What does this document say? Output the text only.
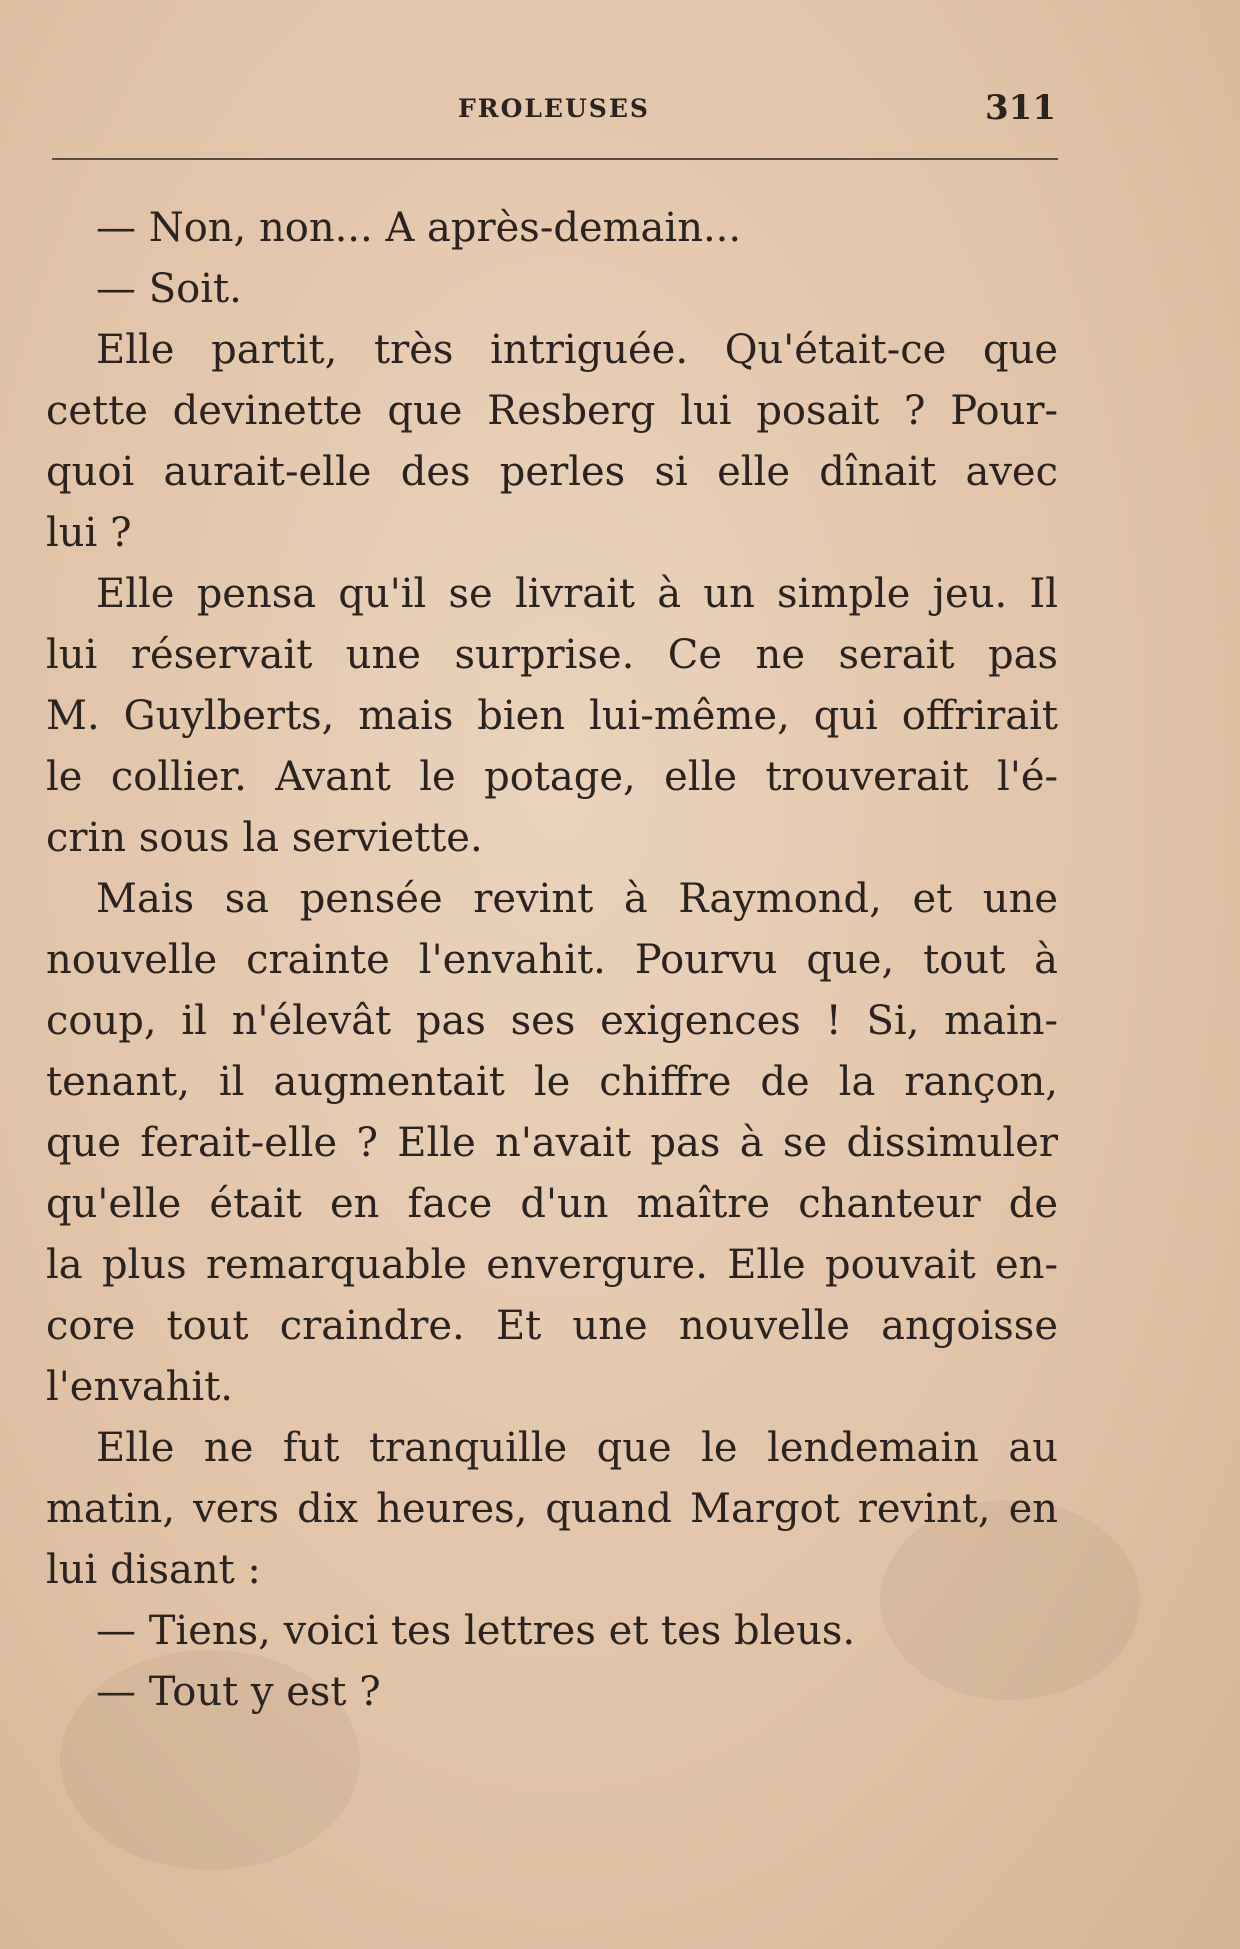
FROLEUSES	311
— Non, non... A après-demain...
— Soit.
Elle partit, très intriguée. Qu'était-ce que
cette devinette que Resberg lui posait ? Pour-
quoi aurait-elle des perles si elle dînait avec
lui ?
Elle pensa qu'il se livrait à un simple jeu. Il
lui réservait une surprise. Ce ne serait pas
M. Guylberts, mais bien lui-même, qui offrirait
le collier. Avant le potage, elle trouverait l'é-
crin sous la serviette.
Mais sa pensée revint à Raymond, et une
nouvelle crainte l'envahit. Pourvu que, tout à
coup, il n'élevât pas ses exigences ! Si, main-
tenant, il augmentait le chiffre de la rançon,
que ferait-elle ? Elle n'avait pas à se dissimuler
qu'elle était en face d'un maître chanteur de
la plus remarquable envergure. Elle pouvait en-
core tout craindre. Et une nouvelle angoisse
l'envahit.
Elle ne fut tranquille que le lendemain au
matin, vers dix heures, quand Margot revint, en
lui disant :
— Tiens, voici tes lettres et tes bleus.
— Tout y est ?
